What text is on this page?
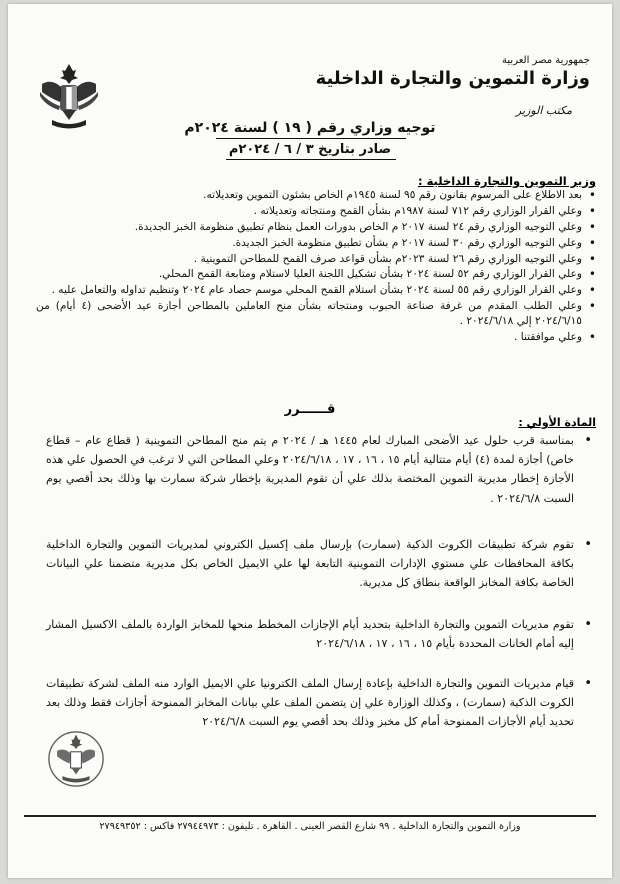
جمهورية مصر العربية
وزارة التموين والتجارة الداخلية
مكتب الوزير
توجيه وزاري رقم ( ١٩ ) لسنة ٢٠٢٤م
صادر بتاريخ ٣ / ٦ / ٢٠٢٤م
وزير التموين والتجارة الداخلية :
• بعد الاطلاع على المرسوم بقانون رقم ٩٥ لسنة ١٩٤٥م الخاص بشئون التموين وتعديلاته.
• وعلي القرار الوزاري رقم ٧١٢ لسنة ١٩٨٧م بشأن القمح ومنتجاته وتعديلاته .
• وعلي التوجيه الوزاري رقم ٢٤ لسنة ٢٠١٧ م الخاص بدورات العمل بنظام تطبيق منظومة الخبز الجديدة.
• وعلي التوجيه الوزاري رقم ٣٠ لسنة ٢٠١٧ م بشأن تطبيق منظومة الخبز الجديدة.
• وعلي التوجيه الوزاري رقم ٢٦ لسنة ٢٠٢٣م بشأن قواعد صرف القمح للمطاحن التموينية .
• وعلي القرار الوزاري رقم ٥٢ لسنة ٢٠٢٤ بشأن تشكيل اللجنة العليا لاستلام ومتابعة القمح المحلي.
• وعلي القرار الوزاري رقم ٥٥ لسنة ٢٠٢٤ بشأن استلام القمح المحلي موسم حصاد عام ٢٠٢٤ وتنظيم تداوله والتعامل عليه .
• وعلي الطلب المقدم من غرفة صناعة الحبوب ومنتجاته بشأن منح العاملين بالمطاحن أجازة عيد الأضحى (٤ أيام) من ٢٠٢٤/٦/١٥ إلي ٢٠٢٤/٦/١٨ .
• وعلي موافقتنا .
قــــــرر
المادة الأولي :
• بمناسبة قرب حلول عيد الأضحى المبارك لعام ١٤٤٥ هـ / ٢٠٢٤ م يتم منح المطاحن التموينية ( قطاع عام – قطاع خاص) أجازة لمدة (٤) أيام متتالية أيام ١٥ ، ١٦ ، ١٧ ، ٢٠٢٤/٦/١٨ وعلي المطاحن التي لا ترغب في الحصول علي هذه الأجازة إخطار مديرية التموين المختصة بذلك علي أن تقوم المديرية بإخطار شركة سمارت بها وذلك بحد أقصي يوم السبت ٢٠٢٤/٦/٨ .
• تقوم شركة تطبيقات الكروت الذكية (سمارت) بإرسال ملف إكسيل الكتروني لمديريات التموين والتجارة الداخلية بكافة المحافظات علي مستوي الإدارات التموينية التابعة لها علي الايميل الخاص بكل مديرية متضمنا علي البيانات الخاصة بكافة المخابز الواقعة بنطاق كل مديرية.
• تقوم مديريات التموين والتجارة الداخلية بتحديد أيام الإجازات المخطط منحها للمخابز الواردة بالملف الاكسيل المشار إليه أمام الخانات المحددة بأيام ١٥ ، ١٦ ، ١٧ ، ٢٠٢٤/٦/١٨
• قيام مديريات التموين والتجارة الداخلية بإعادة إرسال الملف الكترونيا علي الايميل الوارد منه الملف لشركة تطبيقات الكروت الذكية (سمارت) ، وكذلك الوزارة علي إن يتضمن الملف علي بيانات المخابز الممنوحة أجازات فقط وذلك بعد تحديد أيام الأجازات الممنوحة أمام كل مخبز وذلك بحد أقصي يوم السبت ٢٠٢٤/٦/٨
وزارة التموين والتجارة الداخلية . ٩٩ شارع القصر العينى . القاهرة . تليفون : ٢٧٩٤٤٩٧٣ فاكس : ٢٧٩٤٩٣٥٢
